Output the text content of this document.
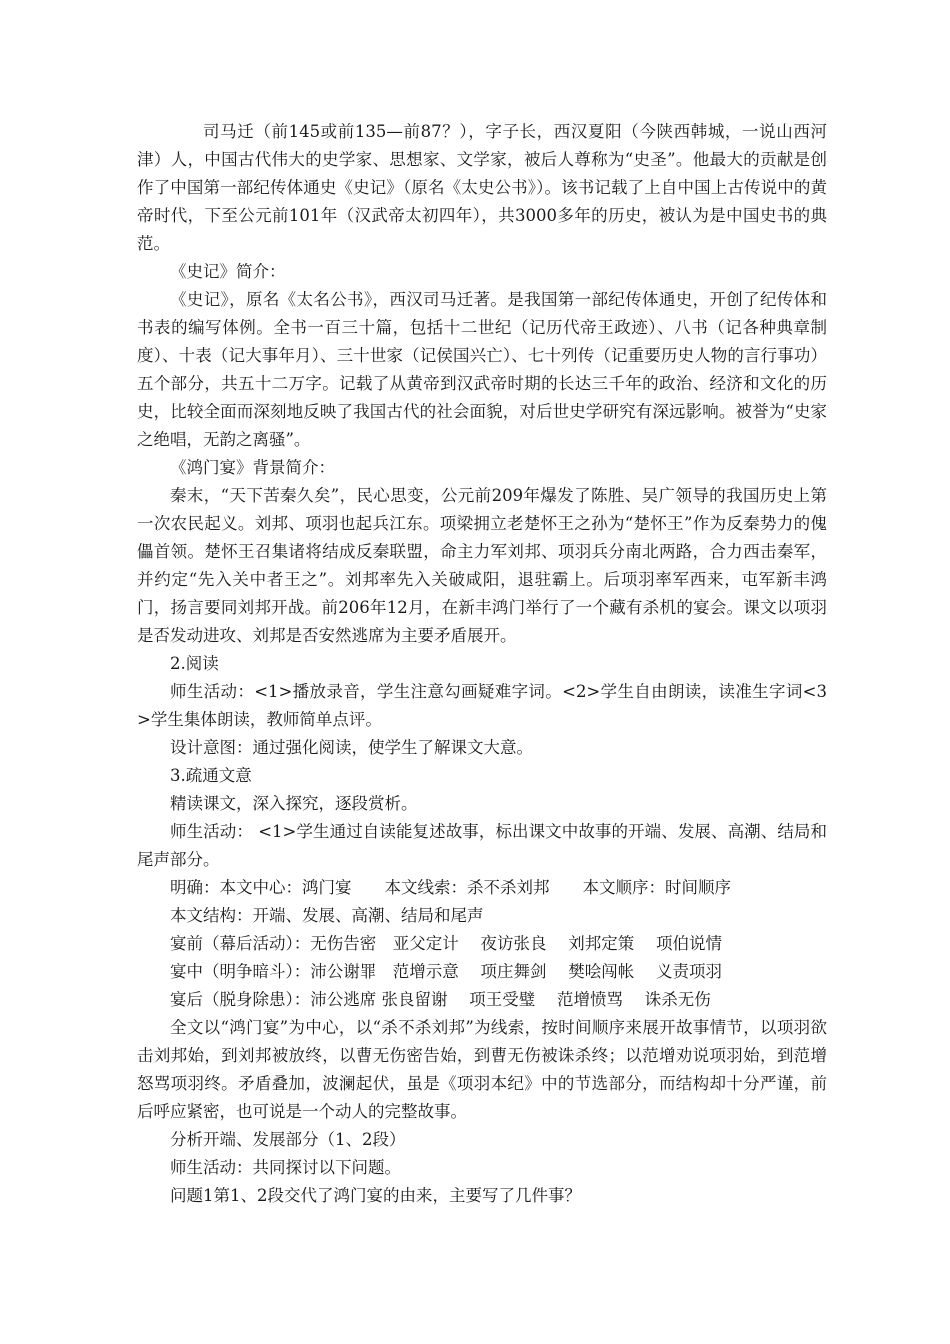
司马迁（前145或前135—前87？），字子长，西汉夏阳（今陕西韩城，一说山西河津）人，中国古代伟大的史学家、思想家、文学家，被后人尊称为“史圣”。他最大的贡献是创作了中国第一部纪传体通史《史记》（原名《太史公书》）。该书记载了上自中国上古传说中的黄帝时代，下至公元前101年（汉武帝太初四年），共3000多年的历史，被认为是中国史书的典范。

《史记》简介：

《史记》，原名《太名公书》，西汉司马迁著。是我国第一部纪传体通史，开创了纪传体和书表的编写体例。全书一百三十篇，包括十二世纪（记历代帝王政迹）、八书（记各种典章制度）、十表（记大事年月）、三十世家（记侯国兴亡）、七十列传（记重要历史人物的言行事功）五个部分，共五十二万字。记载了从黄帝到汉武帝时期的长达三千年的政治、经济和文化的历史，比较全面而深刻地反映了我国古代的社会面貌，对后世史学研究有深远影响。被誉为“史家之绝唱，无韵之离骚”。

《鸿门宴》背景简介：

秦末，“天下苦秦久矣”，民心思变，公元前209年爆发了陈胜、吴广领导的我国历史上第一次农民起义。刘邦、项羽也起兵江东。项梁拥立老楚怀王之孙为“楚怀王”作为反秦势力的傀儡首领。楚怀王召集诸将结成反秦联盟，命主力军刘邦、项羽兵分南北两路，合力西击秦军，并约定“先入关中者王之”。刘邦率先入关破咸阳，退驻霸上。后项羽率军西来，屯军新丰鸿门，扬言要同刘邦开战。前206年12月，在新丰鸿门举行了一个藏有杀机的宴会。课文以项羽是否发动进攻、刘邦是否安然逃席为主要矛盾展开。

2.阅读

师生活动：<1>播放录音，学生注意勾画疑难字词。<2>学生自由朗读，读准生字词<3>学生集体朗读，教师简单点评。

设计意图：通过强化阅读，使学生了解课文大意。

3.疏通文意

精读课文，深入探究，逐段赏析。

师生活动： <1>学生通过自读能复述故事，标出课文中故事的开端、发展、高潮、结局和尾声部分。

明确：本文中心：鸿门宴　　本文线索：杀不杀刘邦　　本文顺序：时间顺序

本文结构：开端、发展、高潮、结局和尾声

宴前（幕后活动）：无伤告密　亚父定计　 夜访张良　 刘邦定策　 项伯说情

宴中（明争暗斗）：沛公谢罪　范增示意　 项庄舞剑　 樊哙闯帐　 义责项羽

宴后（脱身除患）：沛公逃席 张良留谢　 项王受璧　 范增愤骂　 诛杀无伤

全文以“鸿门宴”为中心，以“杀不杀刘邦”为线索，按时间顺序来展开故事情节，以项羽欲击刘邦始，到刘邦被放终，以曹无伤密告始，到曹无伤被诛杀终；以范增劝说项羽始，到范增怒骂项羽终。矛盾叠加，波澜起伏，虽是《项羽本纪》中的节选部分，而结构却十分严谨，前后呼应紧密，也可说是一个动人的完整故事。

分析开端、发展部分（1、2段）

师生活动：共同探讨以下问题。

问题1第1、2段交代了鸿门宴的由来，主要写了几件事？
